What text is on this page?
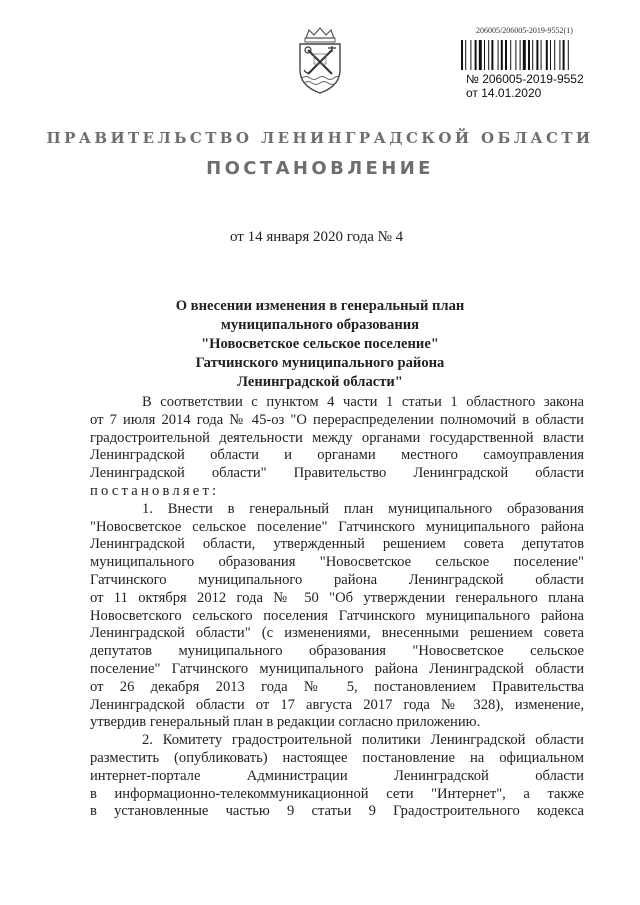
206005/206005-2019-9552(1)
№ 206005-2019-9552
от 14.01.2020
ПРАВИТЕЛЬСТВО ЛЕНИНГРАДСКОЙ ОБЛАСТИ
ПОСТАНОВЛЕНИЕ
от 14 января 2020 года № 4
О внесении изменения в генеральный план
муниципального образования
"Новосветское сельское поселение"
Гатчинского муниципального района
Ленинградской области"
В соответствии с пунктом 4 части 1 статьи 1 областного закона
от 7 июля 2014 года № 45-оз "О перераспределении полномочий в области
градостроительной деятельности между органами государственной власти
Ленинградской области и органами местного самоуправления
Ленинградской области" Правительство Ленинградской области
постановляет:
1. Внести в генеральный план муниципального образования
"Новосветское сельское поселение" Гатчинского муниципального района
Ленинградской области, утвержденный решением совета депутатов
муниципального образования "Новосветское сельское поселение"
Гатчинского муниципального района Ленинградской области
от 11 октября 2012 года № 50 "Об утверждении генерального плана
Новосветского сельского поселения Гатчинского муниципального района
Ленинградской области" (с изменениями, внесенными решением совета
депутатов муниципального образования "Новосветское сельское
поселение" Гатчинского муниципального района Ленинградской области
от 26 декабря 2013 года № 5, постановлением Правительства
Ленинградской области от 17 августа 2017 года № 328), изменение,
утвердив генеральный план в редакции согласно приложению.
2. Комитету градостроительной политики Ленинградской области
разместить (опубликовать) настоящее постановление на официальном
интернет-портале Администрации Ленинградской области
в информационно-телекоммуникационной сети "Интернет", а также
в установленные частью 9 статьи 9 Градостроительного кодекса
